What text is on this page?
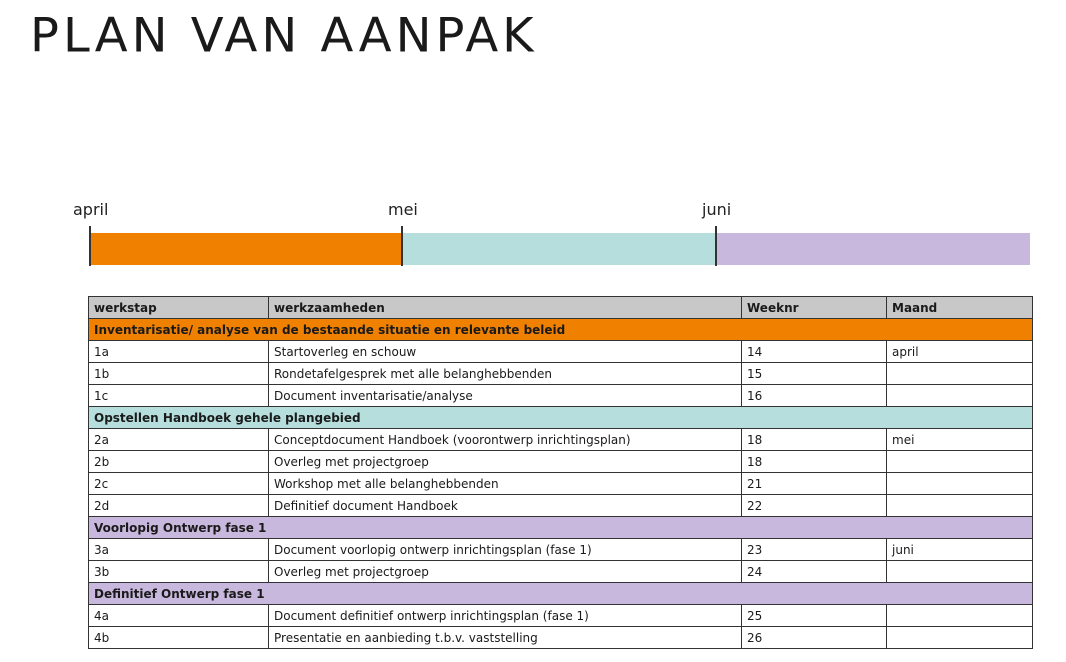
PLAN VAN AANPAK
april	mei	juni
werkstap	werkzaamheden	Weeknr	Maand
Inventarisatie/ analyse van de bestaande situatie en relevante beleid			
1a	Startoverleg en schouw	14	april
1b	Rondetafelgesprek met alle belanghebbenden	15	
1c	Document inventarisatie/analyse	16	
Opstellen Handboek gehele plangebied			
2a	Conceptdocument Handboek (voorontwerp inrichtingsplan)	18	mei
2b	Overleg met projectgroep	18	
2c	Workshop met alle belanghebbenden	21	
2d	Definitief document Handboek	22	
Voorlopig Ontwerp fase 1			
3a	Document voorlopig ontwerp inrichtingsplan (fase 1)	23	juni
3b	Overleg met projectgroep	24	
Definitief Ontwerp fase 1			
4a	Document definitief ontwerp inrichtingsplan (fase 1)	25	
4b	Presentatie en aanbieding t.b.v. vaststelling	26	
